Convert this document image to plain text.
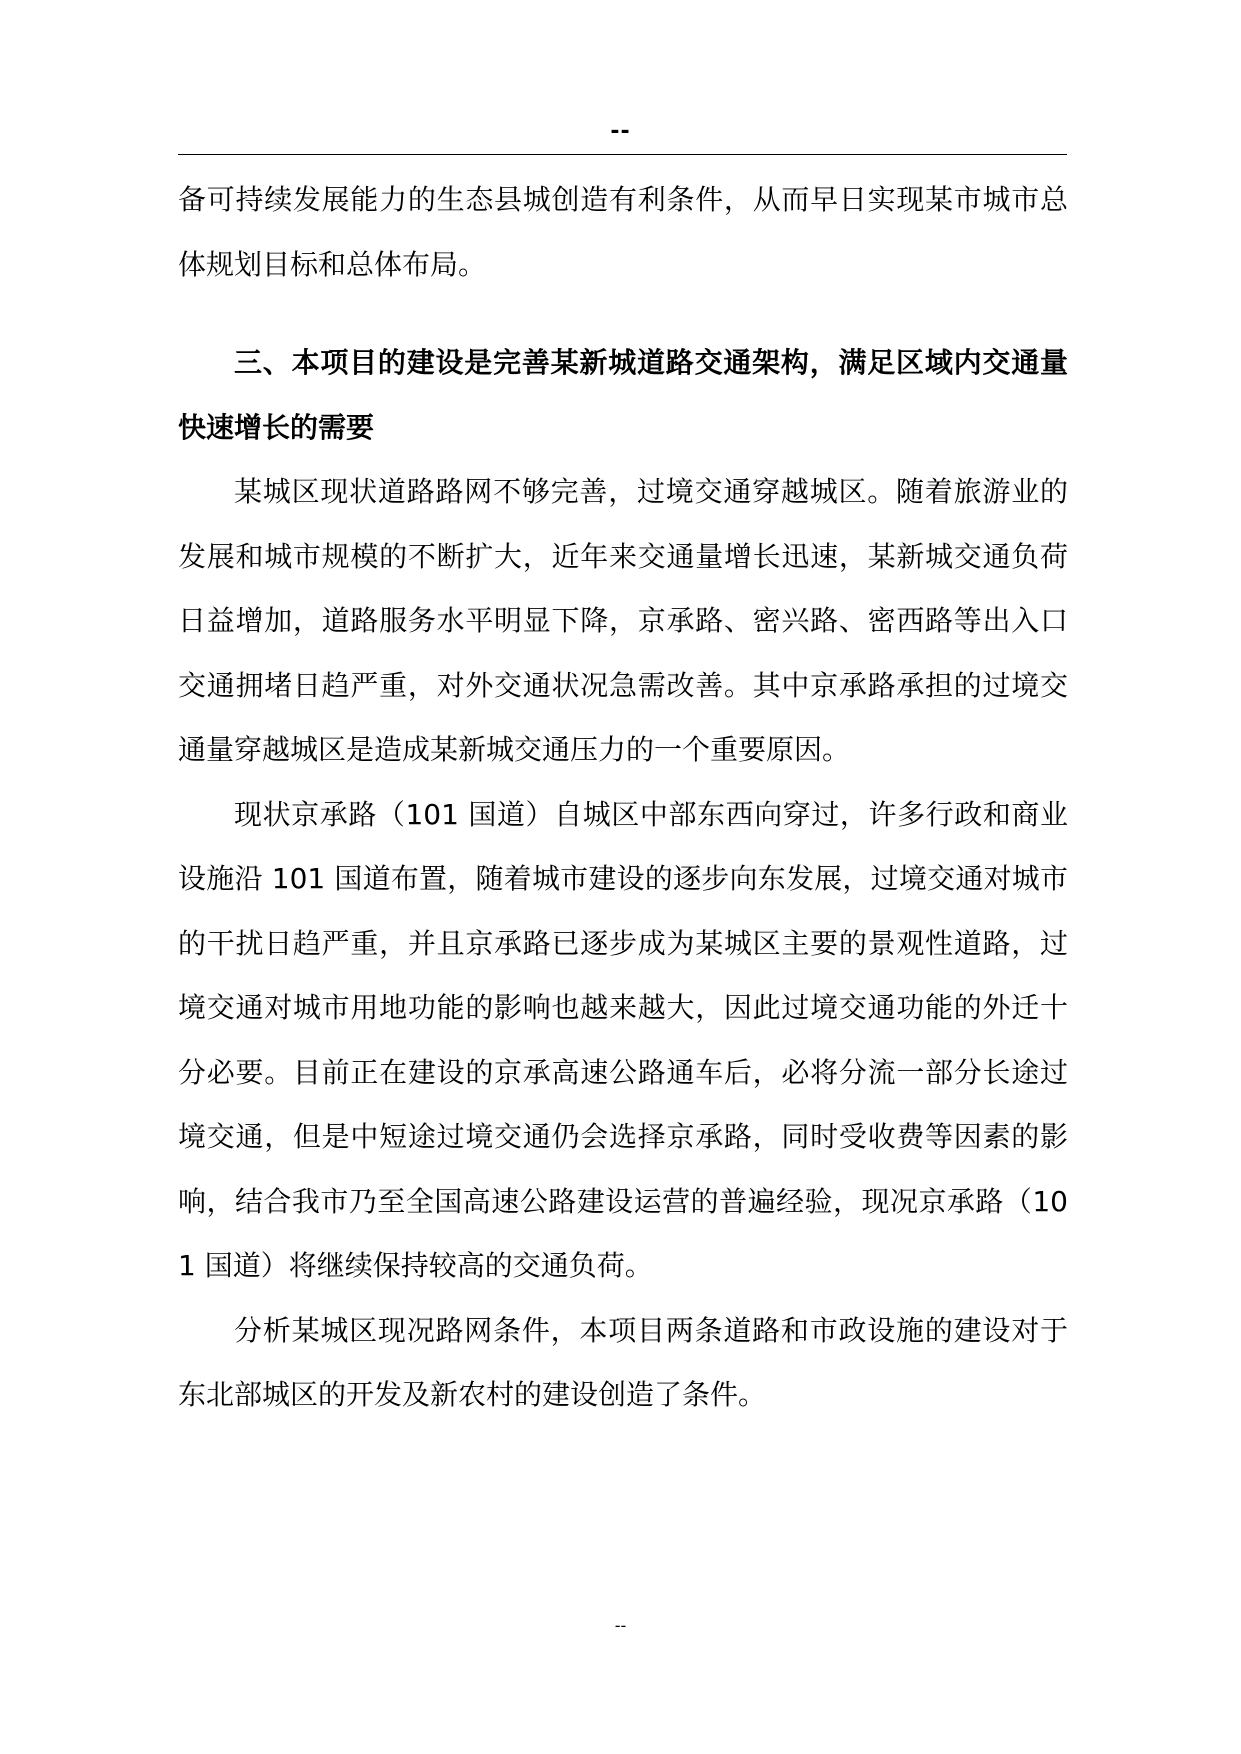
--

备可持续发展能力的生态县城创造有利条件，从而早日实现某市城市总体规划目标和总体布局。

三、本项目的建设是完善某新城道路交通架构，满足区域内交通量快速增长的需要

某城区现状道路路网不够完善，过境交通穿越城区。随着旅游业的发展和城市规模的不断扩大，近年来交通量增长迅速，某新城交通负荷日益增加，道路服务水平明显下降，京承路、密兴路、密西路等出入口交通拥堵日趋严重，对外交通状况急需改善。其中京承路承担的过境交通量穿越城区是造成某新城交通压力的一个重要原因。

现状京承路（101 国道）自城区中部东西向穿过，许多行政和商业设施沿 101 国道布置，随着城市建设的逐步向东发展，过境交通对城市的干扰日趋严重，并且京承路已逐步成为某城区主要的景观性道路，过境交通对城市用地功能的影响也越来越大，因此过境交通功能的外迁十分必要。目前正在建设的京承高速公路通车后，必将分流一部分长途过境交通，但是中短途过境交通仍会选择京承路，同时受收费等因素的影响，结合我市乃至全国高速公路建设运营的普遍经验，现况京承路（101 国道）将继续保持较高的交通负荷。

分析某城区现况路网条件，本项目两条道路和市政设施的建设对于东北部城区的开发及新农村的建设创造了条件。

--
